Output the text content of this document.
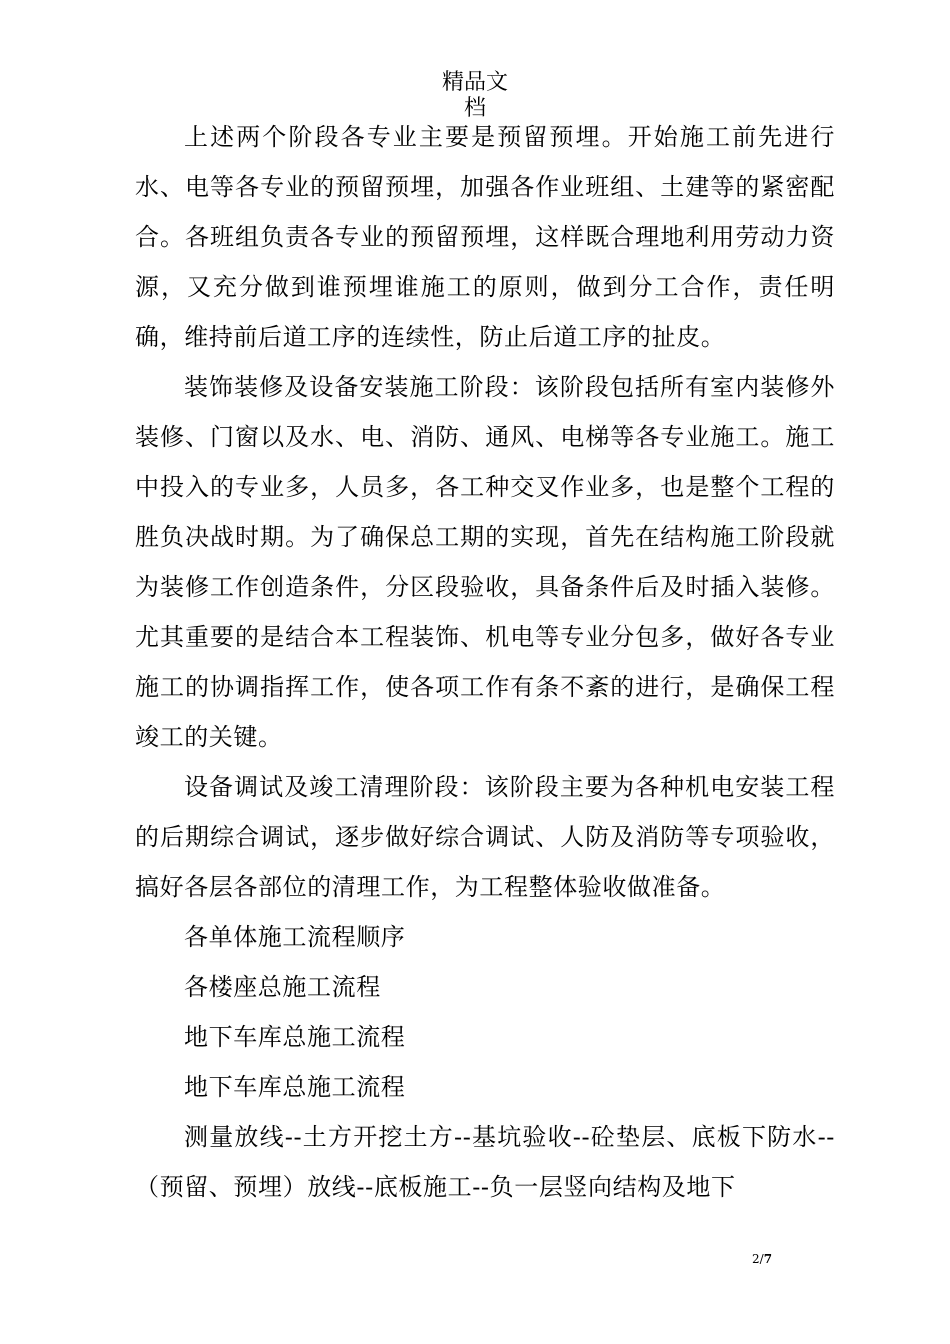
精品文
档

上述两个阶段各专业主要是预留预埋。开始施工前先进行水、电等各专业的预留预埋，加强各作业班组、土建等的紧密配合。各班组负责各专业的预留预埋，这样既合理地利用劳动力资源，又充分做到谁预埋谁施工的原则，做到分工合作，责任明确，维持前后道工序的连续性，防止后道工序的扯皮。

装饰装修及设备安装施工阶段：该阶段包括所有室内装修外装修、门窗以及水、电、消防、通风、电梯等各专业施工。施工中投入的专业多，人员多，各工种交叉作业多，也是整个工程的胜负决战时期。为了确保总工期的实现，首先在结构施工阶段就为装修工作创造条件，分区段验收，具备条件后及时插入装修。尤其重要的是结合本工程装饰、机电等专业分包多，做好各专业施工的协调指挥工作，使各项工作有条不紊的进行，是确保工程竣工的关键。

设备调试及竣工清理阶段：该阶段主要为各种机电安装工程的后期综合调试，逐步做好综合调试、人防及消防等专项验收，搞好各层各部位的清理工作，为工程整体验收做准备。

各单体施工流程顺序

各楼座总施工流程

地下车库总施工流程

地下车库总施工流程

测量放线--土方开挖土方--基坑验收--砼垫层、底板下防水--（预留、预埋）放线--底板施工--负一层竖向结构及地下

2/7
